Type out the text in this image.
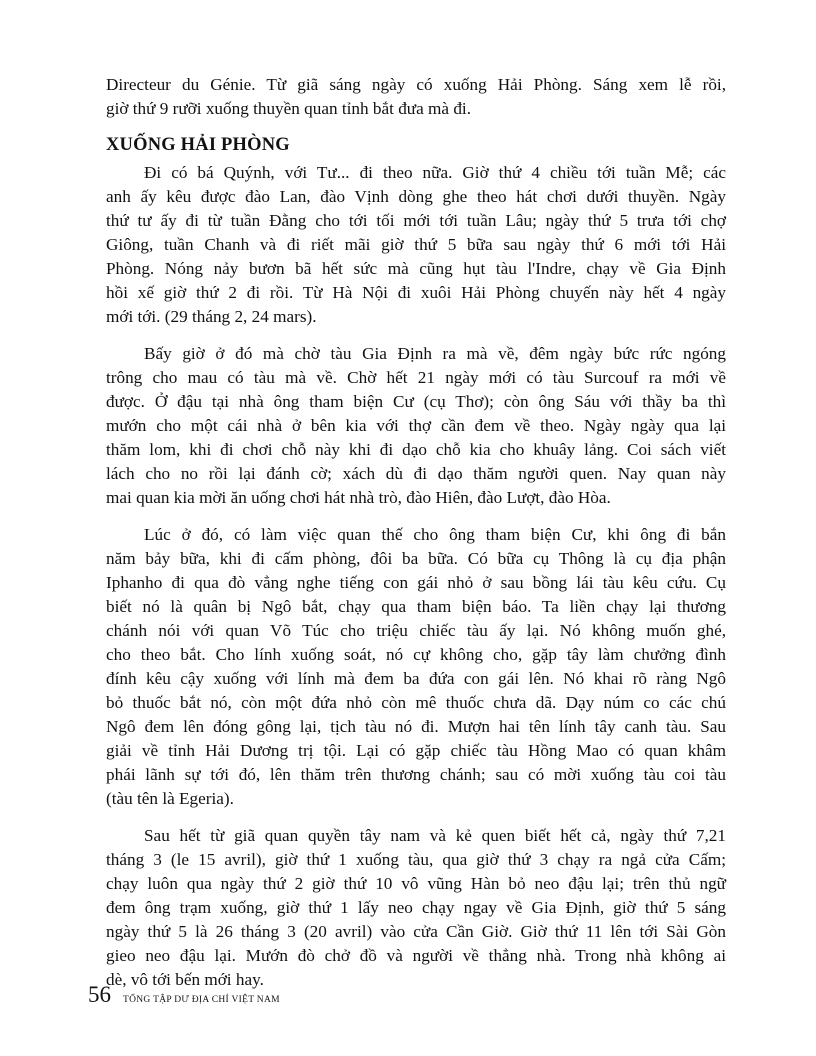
Directeur du Génie. Từ giã sáng ngày có xuống Hải Phòng. Sáng xem lễ rồi,
giờ thứ 9 rưỡi xuống thuyền quan tỉnh bắt đưa mà đi.
XUỐNG HẢI PHÒNG
Đi có bá Quýnh, với Tư... đi theo nữa. Giờ thứ 4 chiều tới tuần Mễ; các
anh ấy kêu được đào Lan, đào Vịnh dòng ghe theo hát chơi dưới thuyền. Ngày
thứ tư ấy đi từ tuần Đằng cho tới tối mới tới tuần Lâu; ngày thứ 5 trưa tới chợ
Giông, tuần Chanh và đi riết mãi giờ thứ 5 bữa sau ngày thứ 6 mới tới Hải
Phòng. Nóng nảy bươn bã hết sức mà cũng hụt tàu l'Indre, chạy về Gia Định
hồi xế giờ thứ 2 đi rồi. Từ Hà Nội đi xuôi Hải Phòng chuyến này hết 4 ngày
mới tới. (29 tháng 2, 24 mars).
Bấy giờ ở đó mà chờ tàu Gia Định ra mà về, đêm ngày bức rức ngóng
trông cho mau có tàu mà về. Chờ hết 21 ngày mới có tàu Surcouf ra mới về
được. Ở đậu tại nhà ông tham biện Cư (cụ Thơ); còn ông Sáu với thầy ba thì
mướn cho một cái nhà ở bên kia với thợ cần đem về theo. Ngày ngày qua lại
thăm lom, khi đi chơi chỗ này khi đi dạo chỗ kia cho khuây lảng. Coi sách viết
lách cho no rồi lại đánh cờ; xách dù đi dạo thăm người quen. Nay quan này
mai quan kia mời ăn uống chơi hát nhà trò, đào Hiên, đào Lượt, đào Hòa.
Lúc ở đó, có làm việc quan thế cho ông tham biện Cư, khi ông đi bắn
năm bảy bữa, khi đi cấm phòng, đôi ba bữa. Có bữa cụ Thông là cụ địa phận
Iphanho đi qua đò vẳng nghe tiếng con gái nhỏ ở sau bồng lái tàu kêu cứu. Cụ
biết nó là quân bị Ngô bắt, chạy qua tham biện báo. Ta liền chạy lại thương
chánh nói với quan Võ Túc cho triệu chiếc tàu ấy lại. Nó không muốn ghé,
cho theo bắt. Cho lính xuống soát, nó cự không cho, gặp tây làm chưởng đình
đính kêu cậy xuống với lính mà đem ba đứa con gái lên. Nó khai rõ ràng Ngô
bỏ thuốc bắt nó, còn một đứa nhỏ còn mê thuốc chưa dã. Dạy núm co các chú
Ngô đem lên đóng gông lại, tịch tàu nó đi. Mượn hai tên lính tây canh tàu. Sau
giải về tỉnh Hải Dương trị tội. Lại có gặp chiếc tàu Hồng Mao có quan khâm
phái lãnh sự tới đó, lên thăm trên thương chánh; sau có mời xuống tàu coi tàu
(tàu tên là Egeria).
Sau hết từ giã quan quyền tây nam và kẻ quen biết hết cả, ngày thứ 7,21
tháng 3 (le 15 avril), giờ thứ 1 xuống tàu, qua giờ thứ 3 chạy ra ngả cửa Cấm;
chạy luôn qua ngày thứ 2 giờ thứ 10 vô vũng Hàn bỏ neo đậu lại; trên thủ ngữ
đem ông trạm xuống, giờ thứ 1 lấy neo chạy ngay về Gia Định, giờ thứ 5 sáng
ngày thứ 5 là 26 tháng 3 (20 avril) vào cửa Cần Giờ. Giờ thứ 11 lên tới Sài Gòn
gieo neo đậu lại. Mướn đò chở đồ và người về thẳng nhà. Trong nhà không ai
dè, vô tới bến mới hay.
56 TỔNG TẬP DƯ ĐỊA CHÍ VIỆT NAM
